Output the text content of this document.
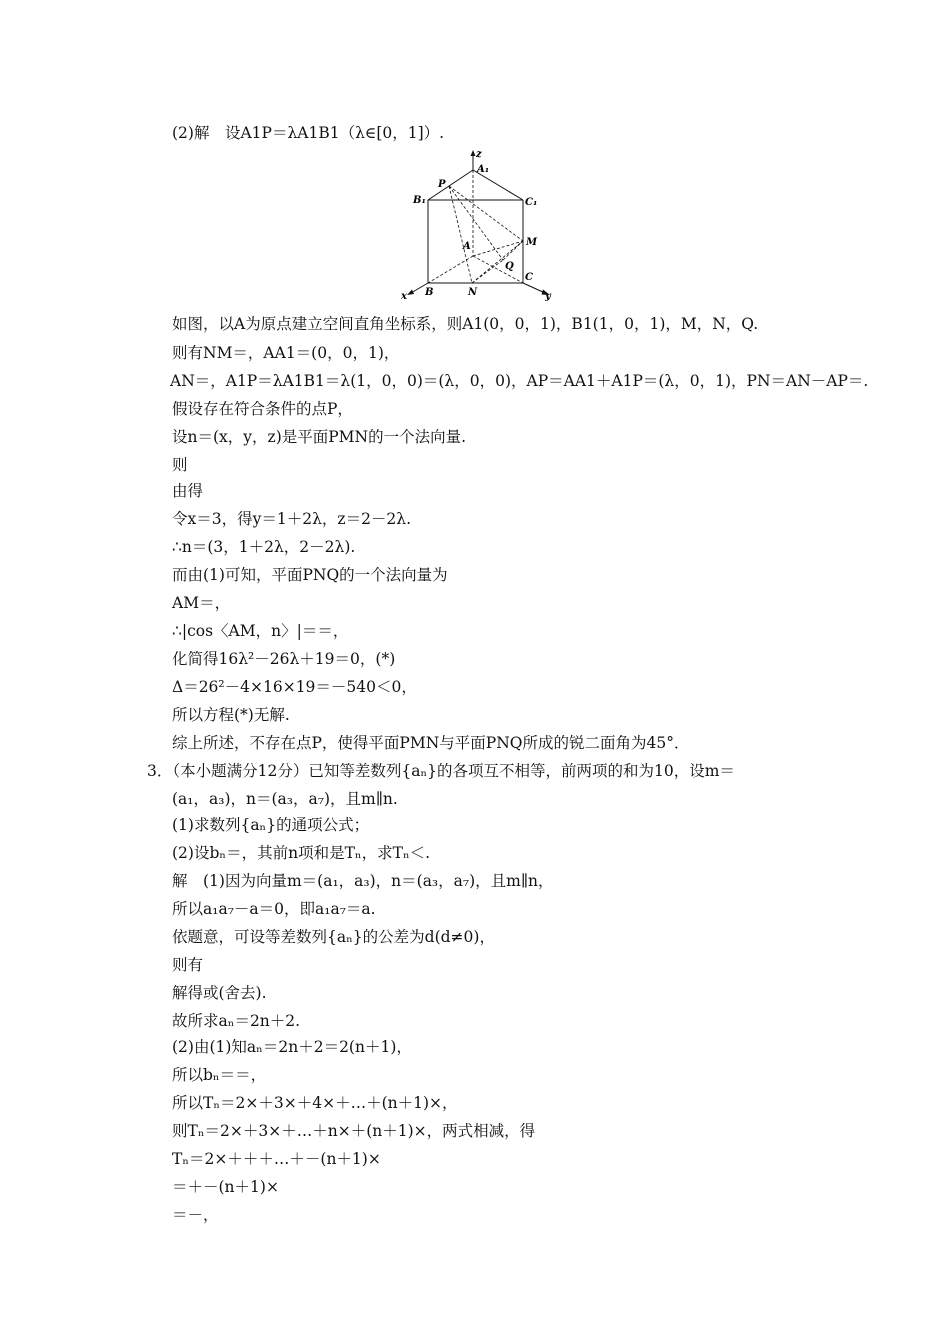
(2)解　设A1P＝λA1B1（λ∈[0，1]）.
z
A₁
P
B₁	C₁
A	M
Q
C
x B	N	y
如图，以A为原点建立空间直角坐标系，则A1(0，0，1)，B1(1，0，1)，M，N，Q.
则有NM＝，AA1＝(0，0，1)，
AN＝，A1P＝λA1B1＝λ(1，0，0)＝(λ，0，0)，AP＝AA1＋A1P＝(λ，0，1)，PN＝AN－AP＝.
假设存在符合条件的点P，
设n＝(x，y，z)是平面PMN的一个法向量.
则
由得
令x＝3，得y＝1＋2λ，z＝2－2λ.
∴n＝(3，1＋2λ，2－2λ).
而由(1)可知，平面PNQ的一个法向量为
AM＝，
∴|cos〈AM，n〉|＝＝，
化简得16λ²－26λ＋19＝0，(*)
Δ＝26²－4×16×19＝－540＜0，
所以方程(*)无解.
综上所述，不存在点P，使得平面PMN与平面PNQ所成的锐二面角为45°．
3．（本小题满分12分）已知等差数列{aₙ}的各项互不相等，前两项的和为10，设m＝
(a₁，a₃)，n＝(a₃，a₇)，且m∥n.
(1)求数列{aₙ}的通项公式；
(2)设bₙ＝，其前n项和是Tₙ，求Tₙ＜.
解　(1)因为向量m＝(a₁，a₃)，n＝(a₃，a₇)，且m∥n，
所以a₁a₇－a＝0，即a₁a₇＝a.
依题意，可设等差数列{aₙ}的公差为d(d≠0)，
则有
解得或(舍去).
故所求aₙ＝2n＋2.
(2)由(1)知aₙ＝2n＋2＝2(n＋1)，
所以bₙ＝＝，
所以Tₙ＝2×＋3×＋4×＋…＋(n＋1)×，
则Tₙ＝2×＋3×＋…＋n×＋(n＋1)×，两式相减，得
Tₙ＝2×＋＋＋…＋－(n＋1)×
＝＋－(n＋1)×
＝－，
